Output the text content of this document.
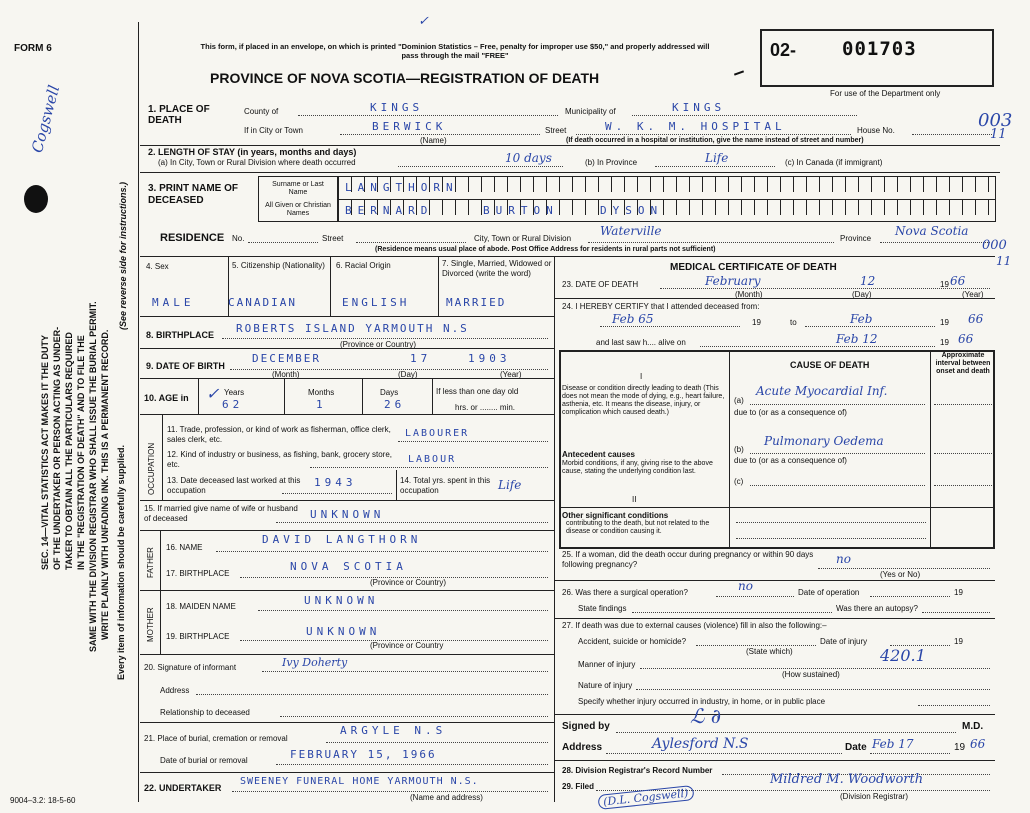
FORM 6	This form, if placed in an envelope, on which is printed "Dominion Statistics – Free, penalty for improper use $50," and properly addressed will pass through the mail "FREE"
PROVINCE OF NOVA SCOTIA—REGISTRATION OF DEATH
02- 001703
For use of the Department only
Cogswell
SEC. 14—VITAL STATISTICS ACT MAKES IT THE DUTY OF THE UNDERTAKER OR PERSON ACTING AS UNDER- TAKER TO OBTAIN ALL THE PARTICULARS REQUIRED IN THE "REGISTRATION OF DEATH" AND TO FILE THE SAME WITH THE DIVISION REGISTRAR WHO SHALL ISSUE THE BURIAL PERMIT. WRITE PLAINLY WITH UNFADING INK. THIS IS A PERMANENT RECORD. Every item of information should be carefully supplied.
(See reverse side for instructions.)
9004–3.2: 18-5-60
1. PLACE OF DEATH
County of	KINGS	Municipality of	KINGS
003
11
If in City or Town	BERWICK
(Name)
Street	W. K. M. HOSPITAL	House No.
(If death occurred in a hospital or institution, give the name instead of street and number)
2. LENGTH OF STAY (in years, months and days)
(a) In City, Town or Rural Division where death occurred	10 days	(b) In Province	Life	(c) In Canada (if immigrant)
3. PRINT NAME OF DECEASED
Surname or Last Name
All Given or Christian Names
LANGTHORN
BERNARD	BURTON	DYSON
RESIDENCE No.	Street	City, Town or Rural Division
Waterville
Province
Nova Scotia
000
11
(Residence means usual place of abode. Post Office Address for residents in rural parts not sufficient)
4. Sex	5. Citizenship (Nationality) 6. Racial Origin	7. Single, Married, Widowed or Divorced (write the word)
MALE	CANADIAN	ENGLISH	MARRIED
8. BIRTHPLACE ROBERTS ISLAND YARMOUTH N.S
(Province or Country)
9. DATE OF BIRTH
DECEMBER	17	1903
(Month)	(Day)	(Year)
10. AGE in
Years	Months	Days
✓
62	1	26
If less than one day old
hrs. or ........ min.
OCCUPATION
11. Trade, profession, or kind of work as fisherman, office clerk, sales clerk, etc.
LABOURER
12. Kind of industry or business, as fishing, bank, grocery store, etc.	LABOUR
13. Date deceased last worked at this occupation
1943	14. Total yrs. spent in this occupation	Life
15. If married give name of wife or husband of deceased	UNKNOWN
FATHER 16. NAME
DAVID LANGTHORN
17. BIRTHPLACE
NOVA SCOTIA
(Province or Country)
MOTHER
18. MAIDEN NAME	UNKNOWN
19. BIRTHPLACE	UNKNOWN
(Province or Country
20. Signature of informant	Ivy Doherty
Address
Relationship to deceased
21. Place of burial, cremation or removal
ARGYLE N.S
Date of burial or removal	FEBRUARY 15, 1966
22. UNDERTAKER
SWEENEY FUNERAL HOME YARMOUTH N.S.
(Name and address)
MEDICAL CERTIFICATE OF DEATH
23. DATE OF DEATH	February	12	19 66
(Month)	(Day)	(Year)
24. I HEREBY CERTIFY that I attended deceased from:
Feb 65	19	to	Feb	19 66
and last saw h.... alive on	Feb 12	19 66
CAUSE OF DEATH
Approximate interval between onset and death
I
Disease or condition directly leading to death (This does not mean the mode of dying, e.g., heart failure, asthenia, etc. It means the disease, injury, or complication which caused death.)
(a)
Acute Myocardial Inf.
due to (or as a consequence of)
Antecedent causes
Morbid conditions, if any, giving rise to the above cause, stating the underlying condition last.
(b)
Pulmonary Oedema
due to (or as a consequence of)
(c)
II
Other significant conditions
contributing to the death, but not related to the disease or condition causing it.
25. If a woman, did the death occur during pregnancy or within 90 days following pregnancy?	no
(Yes or No)
26. Was there a surgical operation?	no	Date of operation	19
State findings	Was there an autopsy?
27. If death was due to external causes (violence) fill in also the following:–
Accident, suicide or homicide?
(State which)
Date of injury	19
420.1
Manner of injury
(How sustained)
Nature of injury
Specify whether injury occurred in industry, in home, or in public place
Signed by	ℒ ∂	M.D.
Address	Aylesford N.S	Date Feb 17	19 66
28. Division Registrar's Record Number
29. Filed	Mildred M. Woodworth
(D.L. Cogswell)	(Division Registrar)
✓
